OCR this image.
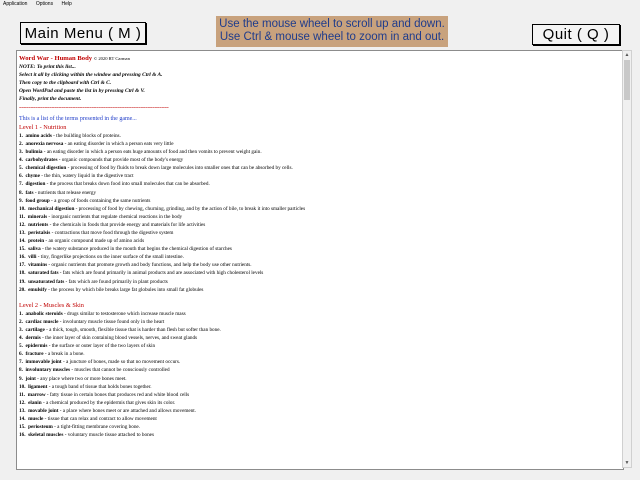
Application Options Help
Main Menu ( M )
Use the mouse wheel to scroll up and down.
Use Ctrl & mouse wheel to zoom in and out.	Quit ( Q )
Word War - Human Body © 2020 RT Carman
NOTE: To print this list...
Select it all by clicking within the window and pressing Ctrl & A.
Then copy to the clipboard with Ctrl & C.
Open WordPad and paste the list in by pressing Ctrl & V.
Finally, print the document.
================================================================
This is a list of the terms presented in the game...
Level 1 - Nutrition
1. amino acids - the building blocks of proteins.
2. anorexia nervosa - an eating disorder in which a person eats very little
3. bulimia - an eating disorder in which a person eats huge amounts of food and then vomits to prevent weight gain.
4. carbohydrates - organic compounds that provide most of the body's energy
5. chemical digestion - processing of food by fluids to break down large molecules into smaller ones that can be absorbed by cells.
6. chyme - the thin, watery liquid in the digestive tract
7. digestion - the process that breaks down food into small molecules that can be absorbed.
8. fats - nutrients that release energy
9. food group - a group of foods containing the same nutrients
10. mechanical digestion - processing of food by chewing, churning, grinding, and by the action of bile, to break it into smaller particles
11. minerals - inorganic nutrients that regulate chemical reactions in the body
12. nutrients - the chemicals in foods that provide energy and materials for life activities
13. peristalsis - contractions that move food through the digestive system
14. protein - an organic compound made up of amino acids
15. saliva - the watery substance produced in the mouth that begins the chemical digestion of starches
16. villi - tiny, fingerlike projections on the inner surface of the small intestine.
17. vitamins - organic nutrients that promote growth and body functions, and help the body use other nutrients.
18. saturated fats - fats which are found primarily in animal products and are associated with high cholesterol levels
19. unsaturated fats - fats which are found primarily in plant products
20. emulsify - the process by which bile breaks large fat globules into small fat globules
Level 2 - Muscles & Skin
1. anabolic steroids - drugs similar to testosterone which increase muscle mass
2. cardiac muscle - involuntary muscle tissue found only in the heart
3. cartilage - a thick, tough, smooth, flexible tissue that is harder than flesh but softer than bone.
4. dermis - the inner layer of skin containing blood vessels, nerves, and sweat glands
5. epidermis - the surface or outer layer of the two layers of skin
6. fracture - a break in a bone.
7. immovable joint - a juncture of bones, made so that no movement occurs.
8. involuntary muscles - muscles that cannot be consciously controlled
9. joint - any place where two or more bones meet.
10. ligament - a tough band of tissue that holds bones together.
11. marrow - fatty tissue in certain bones that produces red and white blood cells
12. elanin - a chemical produced by the epidermis that gives skin its color.
13. movable joint - a place where bones meet or are attached and allows movement.
14. muscle - tissue that can relax and contract to allow movement
15. periosteum - a tight-fitting membrane covering bone.
16. skeletal muscles - voluntary muscle tissue attached to bones
▲
▼
